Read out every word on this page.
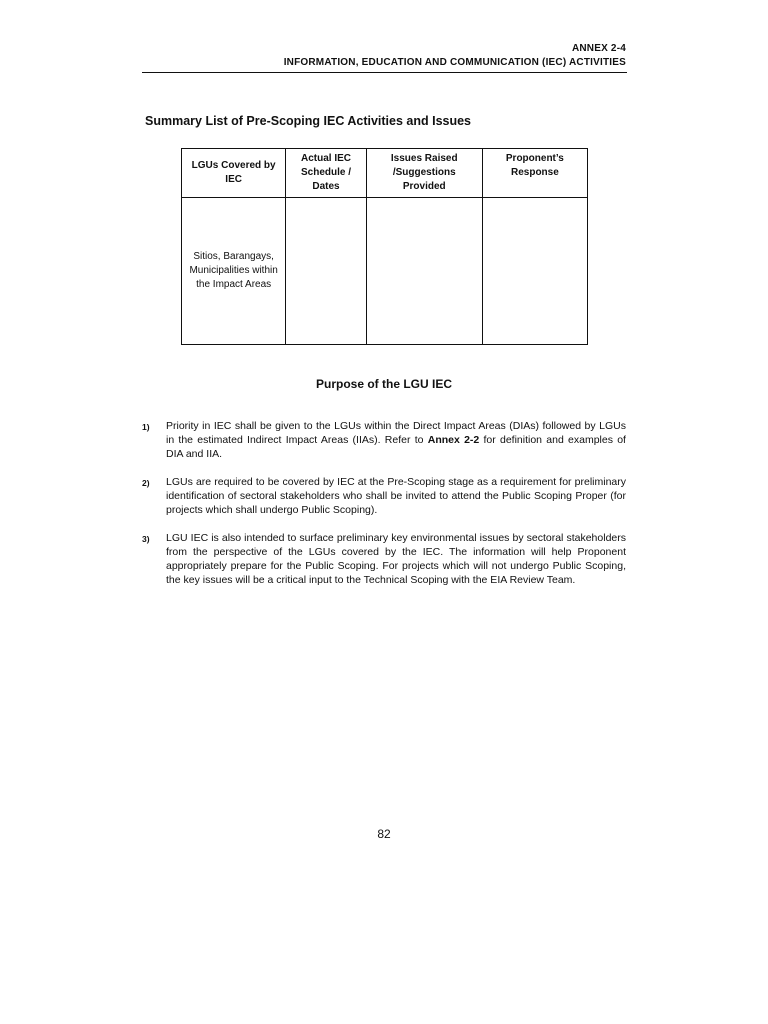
ANNEX 2-4
INFORMATION, EDUCATION AND COMMUNICATION (IEC) ACTIVITIES
Summary List of Pre-Scoping IEC Activities and Issues
LGUs Covered by IEC	Actual IEC Schedule / Dates	Issues Raised /Suggestions Provided	Proponent’s Response
Sitios, Barangays, Municipalities within the Impact Areas			
Purpose of the LGU IEC
1)	Priority in IEC shall be given to the LGUs within the Direct Impact Areas (DIAs) followed by LGUs in the estimated Indirect Impact Areas (IIAs). Refer to Annex 2-2 for definition and examples of DIA and IIA.
2)	LGUs are required to be covered by IEC at the Pre-Scoping stage as a requirement for preliminary identification of sectoral stakeholders who shall be invited to attend the Public Scoping Proper (for projects which shall undergo Public Scoping).
3)	LGU IEC is also intended to surface preliminary key environmental issues by sectoral stakeholders from the perspective of the LGUs covered by the IEC. The information will help Proponent appropriately prepare for the Public Scoping. For projects which will not undergo Public Scoping, the key issues will be a critical input to the Technical Scoping with the EIA Review Team.
82
